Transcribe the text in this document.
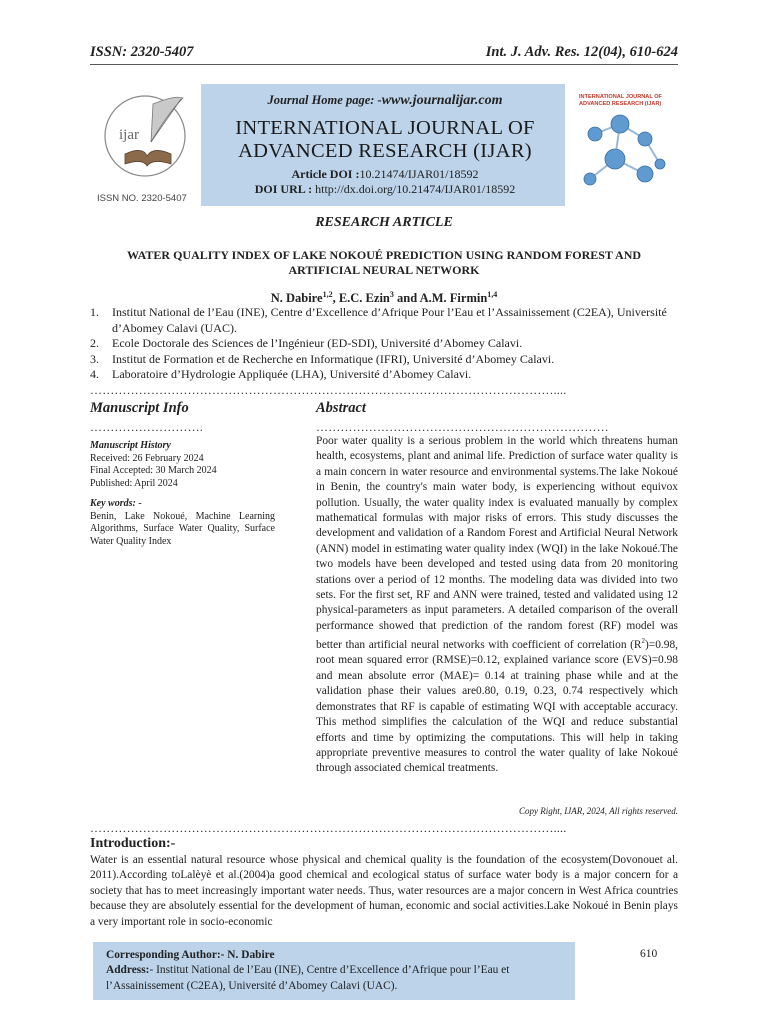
ISSN: 2320-5407	Int. J. Adv. Res. 12(04), 610-624
ijar
ISSN NO. 2320-5407
INTERNATIONAL JOURNAL OF
ADVANCED RESEARCH (IJAR)
Journal Home page: -www.journalijar.com
INTERNATIONAL JOURNAL OF
ADVANCED RESEARCH (IJAR)
Article DOI :10.21474/IJAR01/18592
DOI URL : http://dx.doi.org/10.21474/IJAR01/18592
RESEARCH ARTICLE
WATER QUALITY INDEX OF LAKE NOKOUÉ PREDICTION USING RANDOM FOREST AND
ARTIFICIAL NEURAL NETWORK
N. Dabire$^{1,2}$, E.C. Ezin$^3$ and A.M. Firmin$^{1,4}$
1.	Institut National de l’Eau (INE), Centre d’Excellence d’Afrique Pour l’Eau et l’Assainissement (C2EA), Université d’Abomey Calavi (UAC).
2.	Ecole Doctorale des Sciences de l’Ingénieur (ED-SDI), Université d’Abomey Calavi.
3.	Institut de Formation et de Recherche en Informatique (IFRI), Université d’Abomey Calavi.
4.	Laboratoire d’Hydrologie Appliquée (LHA), Université d’Abomey Calavi.
……………………………………………………………………………………………………....
Manuscript Info	Abstract
……………………….	………………………………………………………………
Manuscript History
Received: 26 February 2024
Final Accepted: 30 March 2024
Published: April 2024
Key words: -
Benin, Lake Nokoué, Machine Learning Algorithms, Surface Water Quality, Surface Water Quality Index
Poor water quality is a serious problem in the world which threatens human health, ecosystems, plant and animal life. Prediction of surface water quality is a main concern in water resource and environmental systems.The lake Nokoué in Benin, the country's main water body, is experiencing without equivox pollution. Usually, the water quality index is evaluated manually by complex mathematical formulas with major risks of errors. This study discusses the development and validation of a Random Forest and Artificial Neural Network (ANN) model in estimating water quality index (WQI) in the lake Nokoué.The two models have been developed and tested using data from 20 monitoring stations over a period of 12 months. The modeling data was divided into two sets. For the first set, RF and ANN were trained, tested and validated using 12 physical-parameters as input parameters. A detailed comparison of the overall performance showed that prediction of the random forest (RF) model was better than artificial neural networks with coefficient of correlation $(R^2)=0.98$, root mean squared error (RMSE)=0.12, explained variance score (EVS)=0.98 and mean absolute error (MAE)= 0.14 at training phase while and at the validation phase their values are0.80, 0.19, 0.23, 0.74 respectively which demonstrates that RF is capable of estimating WQI with acceptable accuracy. This method simplifies the calculation of the WQI and reduce substantial efforts and time by optimizing the computations. This will help in taking appropriate preventive measures to control the water quality of lake Nokoué through associated chemical treatments.
Copy Right, IJAR, 2024, All rights reserved.
……………………………………………………………………………………………………....
Introduction:-
Water is an essential natural resource whose physical and chemical quality is the foundation of the ecosystem(Dovonouet al. 2011).According toLalèyè et al.(2004)a good chemical and ecological status of surface water body is a major concern for a society that has to meet increasingly important water needs. Thus, water resources are a major concern in West Africa countries because they are absolutely essential for the development of human, economic and social activities.Lake Nokoué in Benin plays a very important role in socio-economic
Corresponding Author:- N. Dabire
Address:- Institut National de l’Eau (INE), Centre d’Excellence d’Afrique pour l’Eau et l’Assainissement (C2EA), Université d’Abomey Calavi (UAC).
610
